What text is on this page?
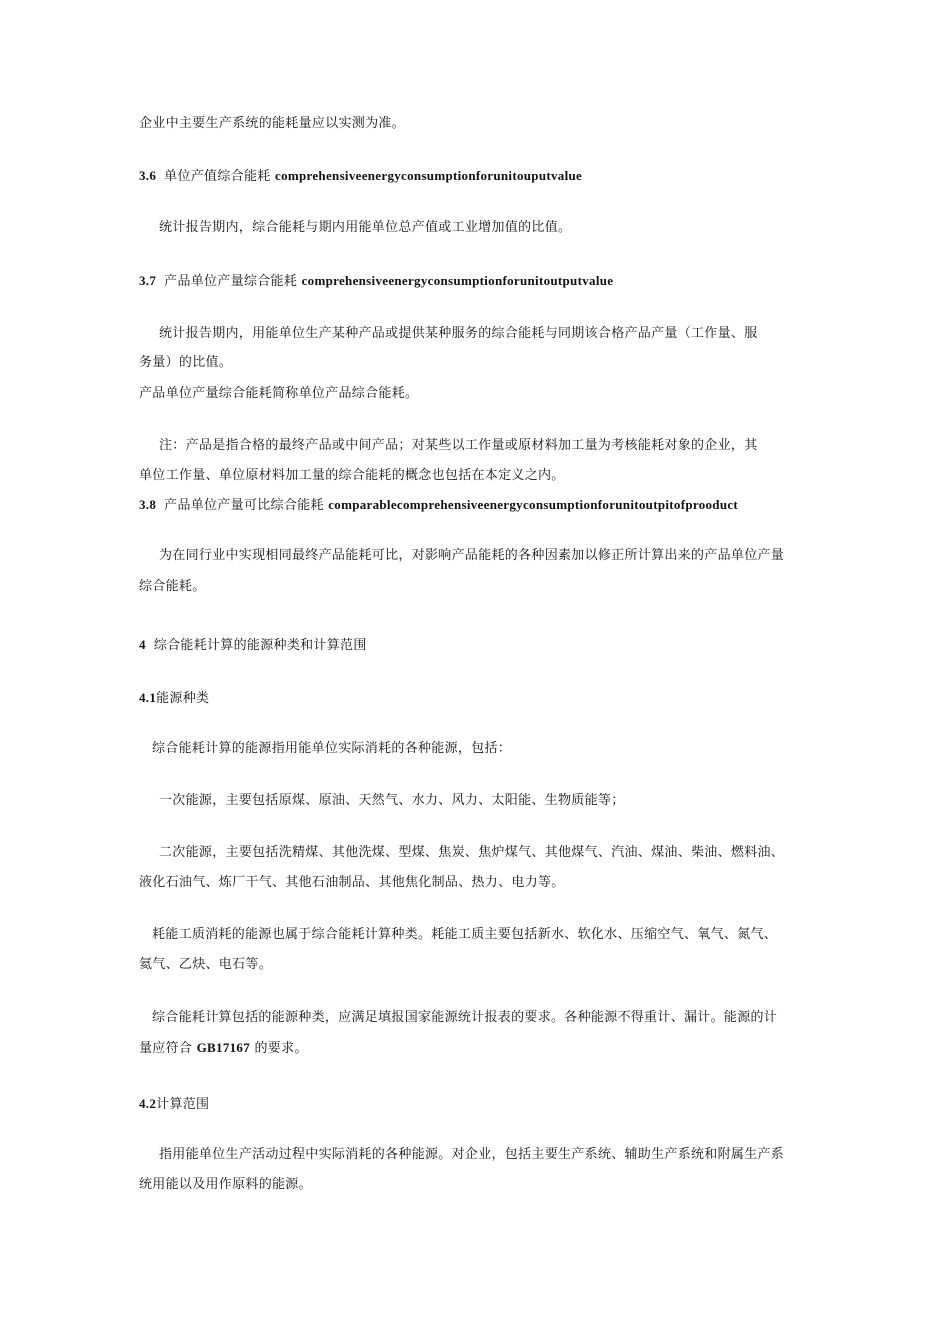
企业中主要生产系统的能耗量应以实测为准。
3.6 单位产值综合能耗 comprehensiveenergyconsumptionforunitouputvalue
统计报告期内，综合能耗与期内用能单位总产值或工业增加值的比值。
3.7 产品单位产量综合能耗 comprehensiveenergyconsumptionforunitoutputvalue
统计报告期内，用能单位生产某种产品或提供某种服务的综合能耗与同期该合格产品产量（工作量、服
务量）的比值。
产品单位产量综合能耗简称单位产品综合能耗。
注：产品是指合格的最终产品或中间产品；对某些以工作量或原材料加工量为考核能耗对象的企业，其
单位工作量、单位原材料加工量的综合能耗的概念也包括在本定义之内。
3.8 产品单位产量可比综合能耗 comparablecomprehensiveenergyconsumptionforunitoutpitofprooduct
为在同行业中实现相同最终产品能耗可比，对影响产品能耗的各种因素加以修正所计算出来的产品单位产量
综合能耗。
4 综合能耗计算的能源种类和计算范围
4.1能源种类
综合能耗计算的能源指用能单位实际消耗的各种能源，包括：
一次能源，主要包括原煤、原油、天然气、水力、风力、太阳能、生物质能等；
二次能源，主要包括洗精煤、其他洗煤、型煤、焦炭、焦炉煤气、其他煤气、汽油、煤油、柴油、燃料油、
液化石油气、炼厂干气、其他石油制品、其他焦化制品、热力、电力等。
耗能工质消耗的能源也属于综合能耗计算种类。耗能工质主要包括新水、软化水、压缩空气、氧气、氮气、
氦气、乙炔、电石等。
综合能耗计算包括的能源种类，应满足填报国家能源统计报表的要求。各种能源不得重计、漏计。能源的计
量应符合 GB17167 的要求。
4.2计算范围
指用能单位生产活动过程中实际消耗的各种能源。对企业，包括主要生产系统、辅助生产系统和附属生产系
统用能以及用作原料的能源。
